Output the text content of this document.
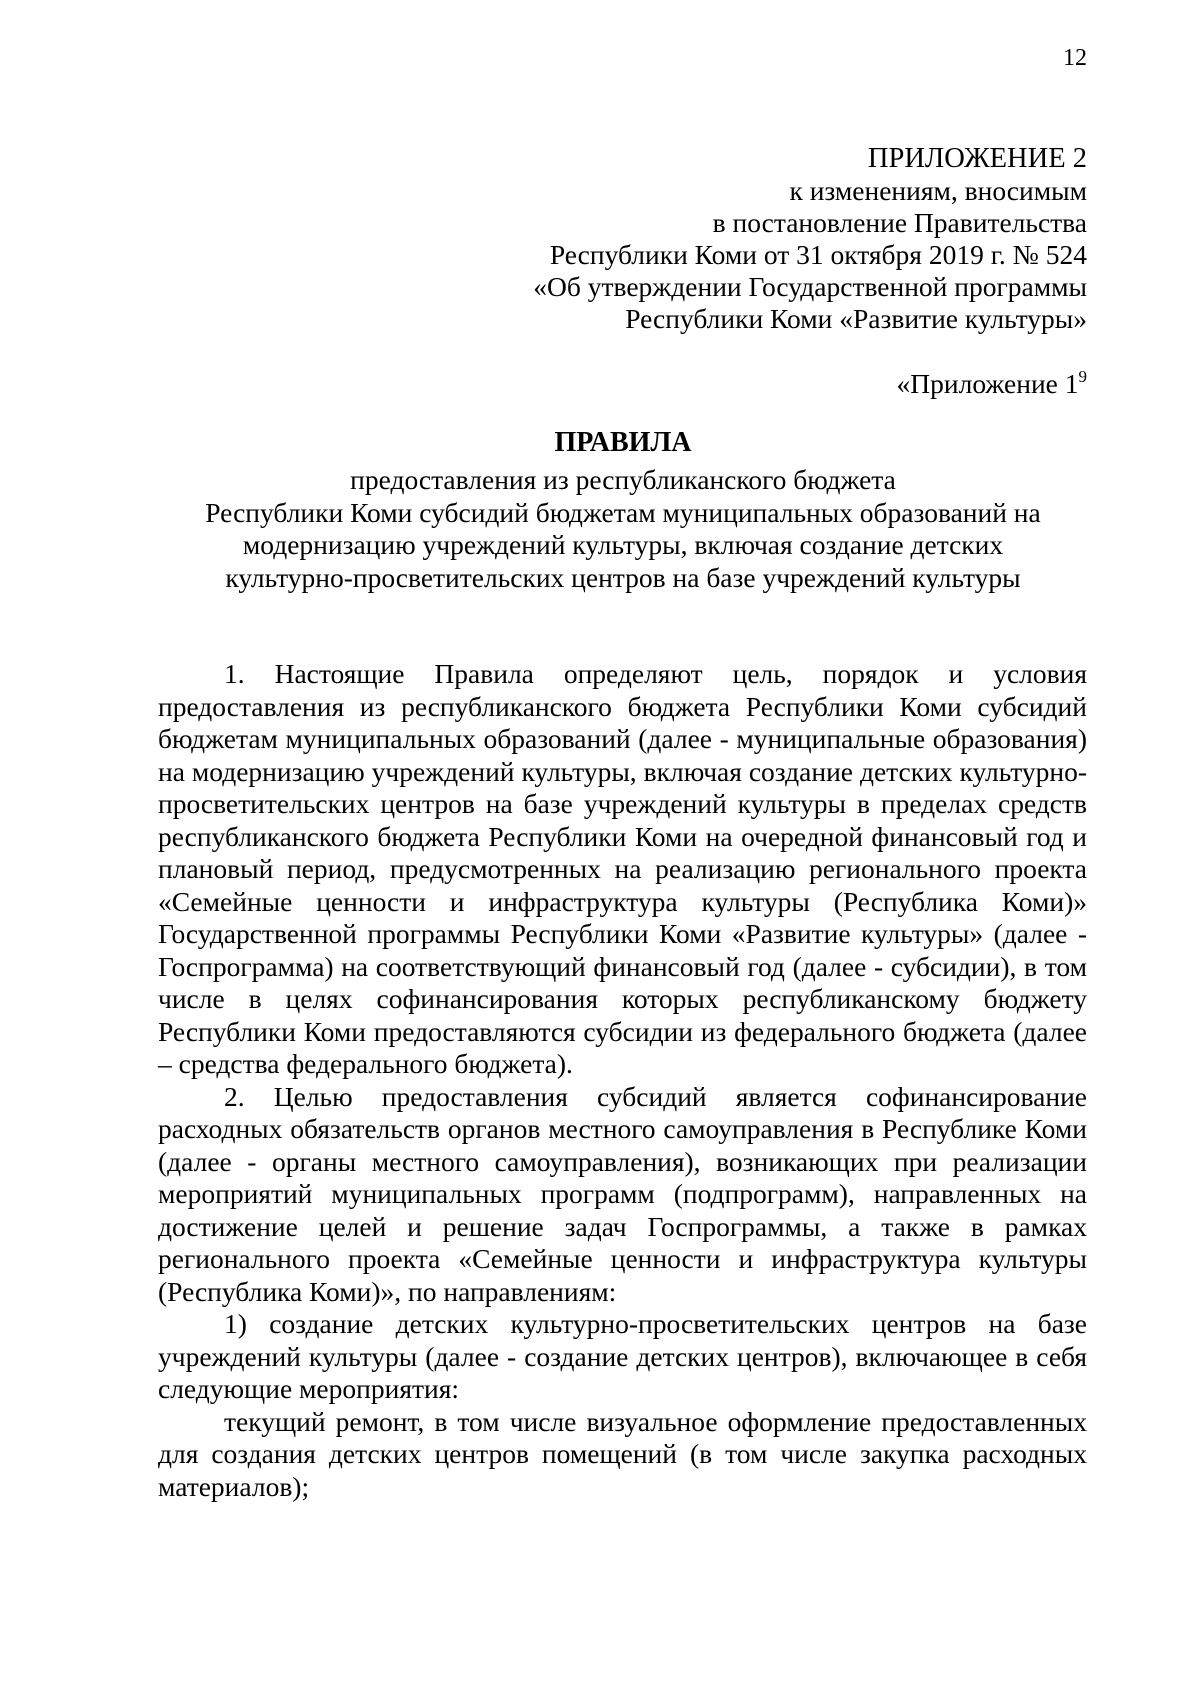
12
ПРИЛОЖЕНИЕ 2
к изменениям, вносимым
в постановление Правительства
Республики Коми от 31 октября 2019 г. № 524
«Об утверждении Государственной программы
Республики Коми «Развитие культуры»
«Приложение $1^9$
ПРАВИЛА
предоставления из республиканского бюджета
Республики Коми субсидий бюджетам муниципальных образований на
модернизацию учреждений культуры, включая создание детских
культурно-просветительских центров на базе учреждений культуры

1. Настоящие Правила определяют цель, порядок и условия предоставления из республиканского бюджета Республики Коми субсидий бюджетам муниципальных образований (далее - муниципальные образования) на модернизацию учреждений культуры, включая создание детских культурно-просветительских центров на базе учреждений культуры в пределах средств республиканского бюджета Республики Коми на очередной финансовый год и плановый период, предусмотренных на реализацию регионального проекта «Семейные ценности и инфраструктура культуры (Республика Коми)» Государственной программы Республики Коми «Развитие культуры» (далее - Госпрограмма) на соответствующий финансовый год (далее - субсидии), в том числе в целях софинансирования которых республиканскому бюджету Республики Коми предоставляются субсидии из федерального бюджета (далее – средства федерального бюджета).

2. Целью предоставления субсидий является софинансирование расходных обязательств органов местного самоуправления в Республике Коми (далее - органы местного самоуправления), возникающих при реализации мероприятий муниципальных программ (подпрограмм), направленных на достижение целей и решение задач Госпрограммы, а также в рамках регионального проекта «Семейные ценности и инфраструктура культуры (Республика Коми)», по направлениям:

1) создание детских культурно-просветительских центров на базе учреждений культуры (далее - создание детских центров), включающее в себя следующие мероприятия:

текущий ремонт, в том числе визуальное оформление предоставленных для создания детских центров помещений (в том числе закупка расходных материалов);
